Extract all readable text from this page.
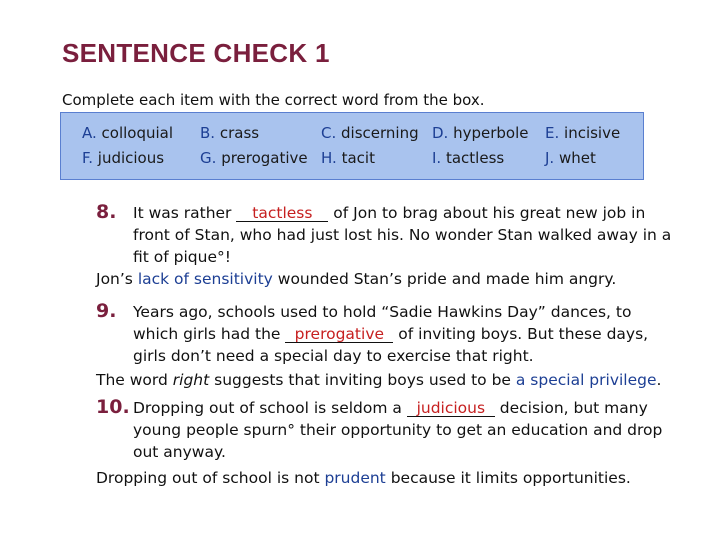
SENTENCE CHECK 1
Complete each item with the correct word from the box.
A. colloquial B. crass	C. discerning D. hyperbole E. incisive
F. judicious G. prerogative H. tacit	I. tactless	J. whet
8. It was rather tactless of Jon to brag about his great new job in front of Stan, who had just lost his. No wonder Stan walked away in a fit of pique°!
Jon’s lack of sensitivity wounded Stan’s pride and made him angry.
9. Years ago, schools used to hold “Sadie Hawkins Day” dances, to which girls had the prerogative of inviting boys. But these days, girls don’t need a special day to exercise that right.
The word right suggests that inviting boys used to be a special privilege.
10. Dropping out of school is seldom a judicious decision, but many young people spurn° their opportunity to get an education and drop out anyway.
Dropping out of school is not prudent because it limits opportunities.
